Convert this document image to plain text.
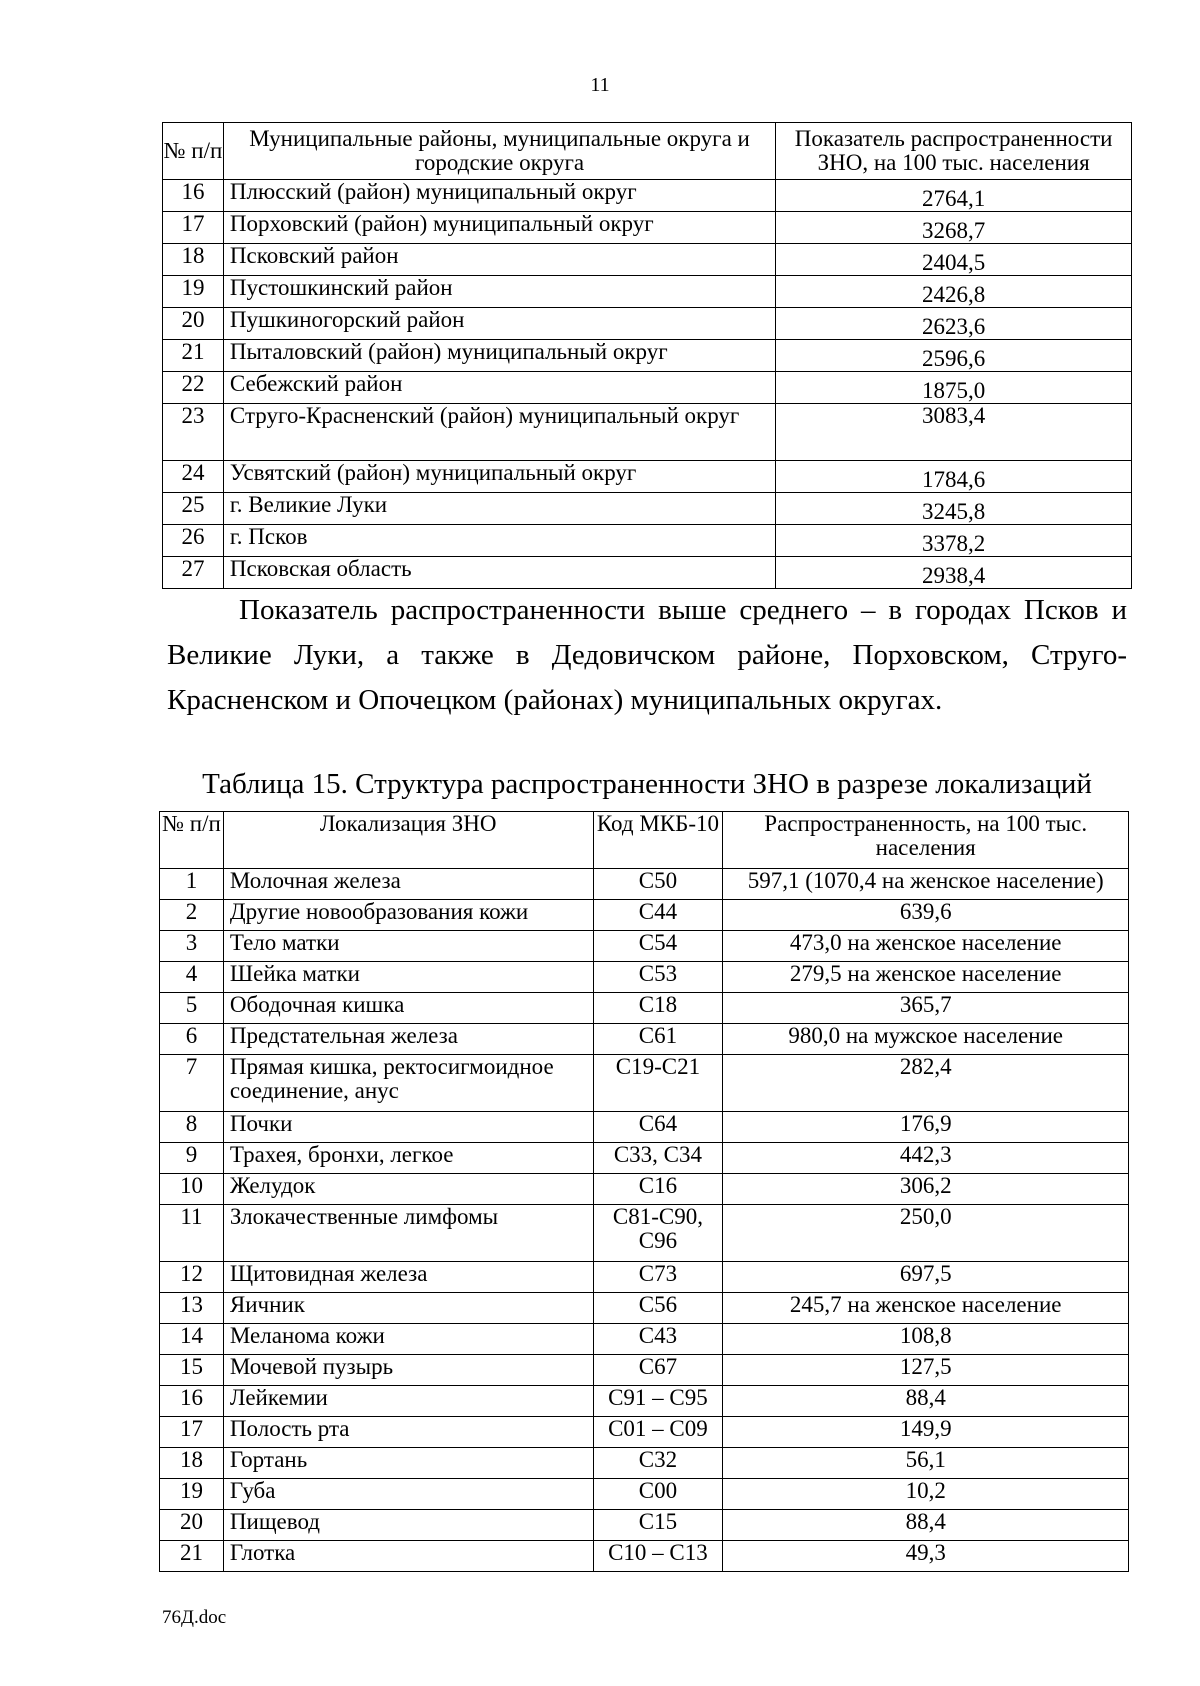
11
№ п/п	Муниципальные районы, муниципальные округа и городские округа	Показатель распространенности ЗНО, на 100 тыс. населения
16	Плюсский (район) муниципальный округ	2764,1
17	Порховский (район) муниципальный округ	3268,7
18	Псковский район	2404,5
19	Пустошкинский район	2426,8
20	Пушкиногорский район	2623,6
21	Пыталовский (район) муниципальный округ	2596,6
22	Себежский район	1875,0
23	Струго-Красненский (район) муниципальный округ	3083,4
24	Усвятский (район) муниципальный округ	1784,6
25	г. Великие Луки	3245,8
26	г. Псков	3378,2
27	Псковская область	2938,4
Показатель распространенности выше среднего – в городах Псков и Великие Луки, а также в Дедовичском районе, Порховском, Струго-Красненском и Опочецком (районах) муниципальных округах.
Таблица 15. Структура распространенности ЗНО в разрезе локализаций
№ п/п	Локализация ЗНО	Код МКБ-10	Распространенность, на 100 тыс. населения
1	Молочная железа	C50	597,1 (1070,4 на женское население)
2	Другие новообразования кожи	C44	639,6
3	Тело матки	C54	473,0 на женское население
4	Шейка матки	C53	279,5 на женское население
5	Ободочная кишка	C18	365,7
6	Предстательная железа	C61	980,0 на мужское население
7	Прямая кишка, ректосигмоидное соединение, анус	C19-C21	282,4
8	Почки	C64	176,9
9	Трахея, бронхи, легкое	C33, C34	442,3
10	Желудок	C16	306,2
11	Злокачественные лимфомы	C81-C90, C96	250,0
12	Щитовидная железа	C73	697,5
13	Яичник	C56	245,7 на женское население
14	Меланома кожи	C43	108,8
15	Мочевой пузырь	C67	127,5
16	Лейкемии	C91 – C95	88,4
17	Полость рта	C01 – C09	149,9
18	Гортань	C32	56,1
19	Губа	C00	10,2
20	Пищевод	C15	88,4
21	Глотка	C10 – C13	49,3
76Д.doc
